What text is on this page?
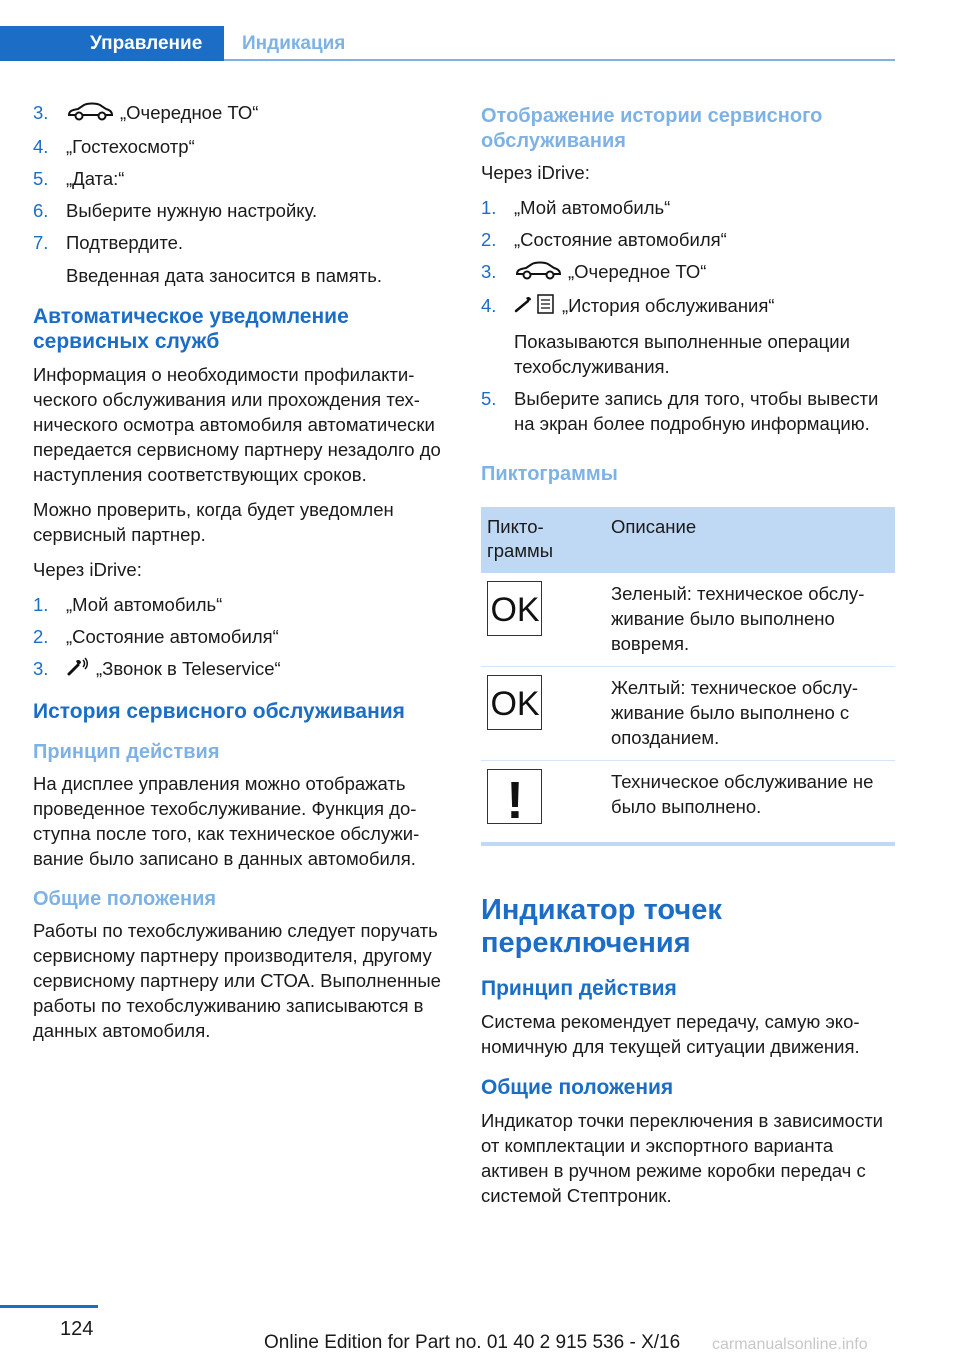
Управление	Индикация
3.	„Очередное ТО“
4. „Гостехосмотр“
5. „Дата:“
6. Выберите нужную настройку.
7. Подтвердите.
Введенная дата заносится в память.
Автоматическое уведомление сервисных служб
Информация о необходимости профилактического обслуживания или прохождения технического осмотра автомобиля автоматически передается сервисному партнеру незадолго до наступления соответствующих сроков.
Можно проверить, когда будет уведомлен сервисный партнер.
Через iDrive:
1. „Мой автомобиль“
2. „Состояние автомобиля“
3.	„Звонок в Teleservice“
История сервисного обслуживания
Принцип действия
На дисплее управления можно отображать проведенное техобслуживание. Функция доступна после того, как техническое обслуживание было записано в данных автомобиля.
Общие положения
Работы по техобслуживанию следует поручать сервисному партнеру производителя, другому сервисному партнеру или СТОА. Выполненные работы по техобслуживанию записываются в данных автомобиля.
Отображение истории сервисного обслуживания
Через iDrive:
1. „Мой автомобиль“
2. „Состояние автомобиля“
3.	„Очередное ТО“
4.	„История обслуживания“
Показываются выполненные операции техобслуживания.
5. Выберите запись для того, чтобы вывести на экран более подробную информацию.
Пиктограммы
Пиктограммы	Описание

OK	Зеленый: техническое обслуживание было выполнено вовремя.

OK	Желтый: техническое обслуживание было выполнено с опозданием.

!	Техническое обслуживание не было выполнено.
Индикатор точек переключения
Принцип действия
Система рекомендует передачу, самую экономичную для текущей ситуации движения.
Общие положения
Индикатор точки переключения в зависимости от комплектации и экспортного варианта активен в ручном режиме коробки передач с системой Стептроник.
124
Online Edition for Part no. 01 40 2 915 536 - X/16 carmanualsonline.info
